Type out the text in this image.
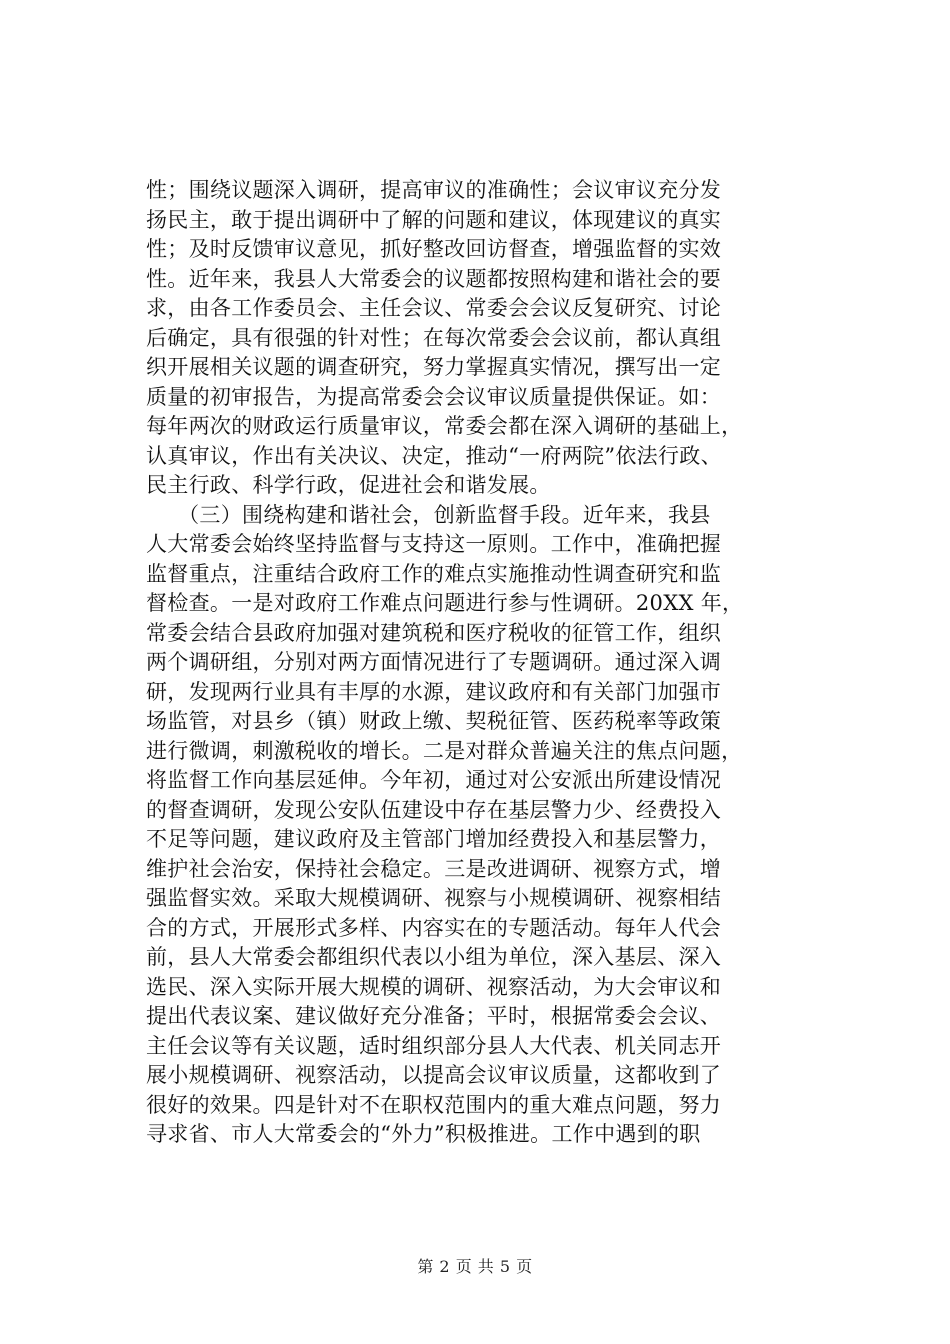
性；围绕议题深入调研，提高审议的准确性；会议审议充分发
扬民主，敢于提出调研中了解的问题和建议，体现建议的真实
性；及时反馈审议意见，抓好整改回访督查，增强监督的实效
性。近年来，我县人大常委会的议题都按照构建和谐社会的要
求，由各工作委员会、主任会议、常委会会议反复研究、讨论
后确定，具有很强的针对性；在每次常委会会议前，都认真组
织开展相关议题的调查研究，努力掌握真实情况，撰写出一定
质量的初审报告，为提高常委会会议审议质量提供保证。如：
每年两次的财政运行质量审议，常委会都在深入调研的基础上，
认真审议，作出有关决议、决定，推动“一府两院”依法行政、
民主行政、科学行政，促进社会和谐发展。
　　（三）围绕构建和谐社会，创新监督手段。近年来，我县
人大常委会始终坚持监督与支持这一原则。工作中，准确把握
监督重点，注重结合政府工作的难点实施推动性调查研究和监
督检查。一是对政府工作难点问题进行参与性调研。20XX 年，
常委会结合县政府加强对建筑税和医疗税收的征管工作，组织
两个调研组，分别对两方面情况进行了专题调研。通过深入调
研，发现两行业具有丰厚的水源，建议政府和有关部门加强市
场监管，对县乡（镇）财政上缴、契税征管、医药税率等政策
进行微调，刺激税收的增长。二是对群众普遍关注的焦点问题，
将监督工作向基层延伸。今年初，通过对公安派出所建设情况
的督查调研，发现公安队伍建设中存在基层警力少、经费投入
不足等问题，建议政府及主管部门增加经费投入和基层警力，
维护社会治安，保持社会稳定。三是改进调研、视察方式，增
强监督实效。采取大规模调研、视察与小规模调研、视察相结
合的方式，开展形式多样、内容实在的专题活动。每年人代会
前，县人大常委会都组织代表以小组为单位，深入基层、深入
选民、深入实际开展大规模的调研、视察活动，为大会审议和
提出代表议案、建议做好充分准备；平时，根据常委会会议、
主任会议等有关议题，适时组织部分县人大代表、机关同志开
展小规模调研、视察活动，以提高会议审议质量，这都收到了
很好的效果。四是针对不在职权范围内的重大难点问题，努力
寻求省、市人大常委会的“外力”积极推进。工作中遇到的职
第 2 页 共 5 页
